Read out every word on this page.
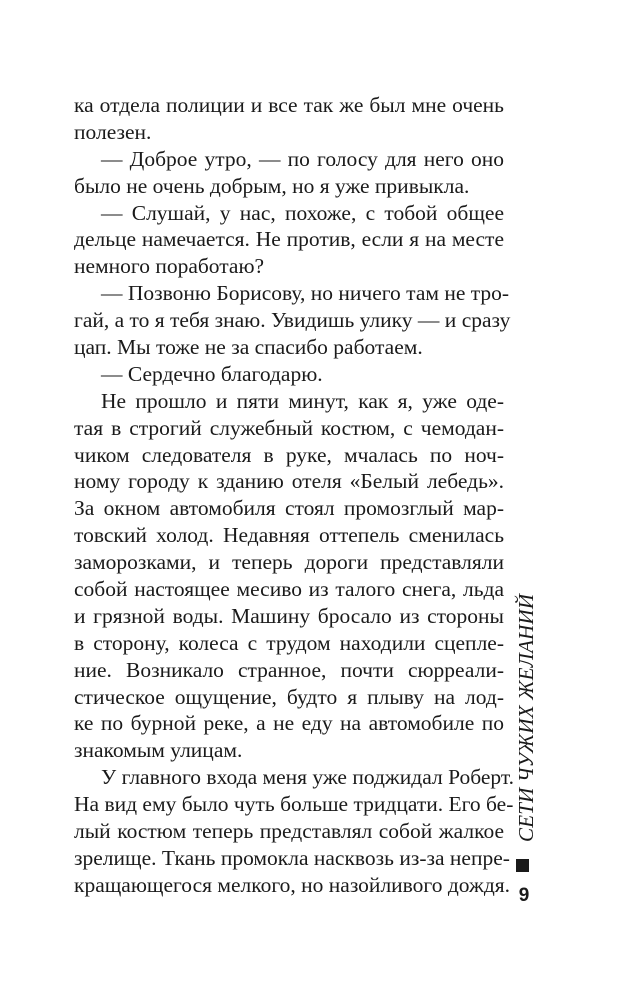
ка отдела полиции и все так же был мне очень
полезен.
— Доброе утро, — по голосу для него оно
было не очень добрым, но я уже привыкла.
— Слушай, у нас, похоже, с тобой общее
дельце намечается. Не против, если я на месте
немного поработаю?
— Позвоню Борисову, но ничего там не тро-
гай, а то я тебя знаю. Увидишь улику — и сразу
цап. Мы тоже не за спасибо работаем.
— Сердечно благодарю.
Не прошло и пяти минут, как я, уже оде-
тая в строгий служебный костюм, с чемодан-
чиком следователя в руке, мчалась по ноч-
ному городу к зданию отеля «Белый лебедь».
За окном автомобиля стоял промозглый мар-
товский холод. Недавняя оттепель сменилась
заморозками, и теперь дороги представляли
собой настоящее месиво из талого снега, льда
и грязной воды. Машину бросало из стороны
в сторону, колеса с трудом находили сцепле-
ние. Возникало странное, почти сюрреали-
стическое ощущение, будто я плыву на лод-
ке по бурной реке, а не еду на автомобиле по
знакомым улицам.
У главного входа меня уже поджидал Роберт.
На вид ему было чуть больше тридцати. Его бе-
лый костюм теперь представлял собой жалкое
зрелище. Ткань промокла насквозь из-за непре-
кращающегося мелкого, но назойливого дождя.
СЕТИ ЧУЖИХ ЖЕЛАНИЙ
9
